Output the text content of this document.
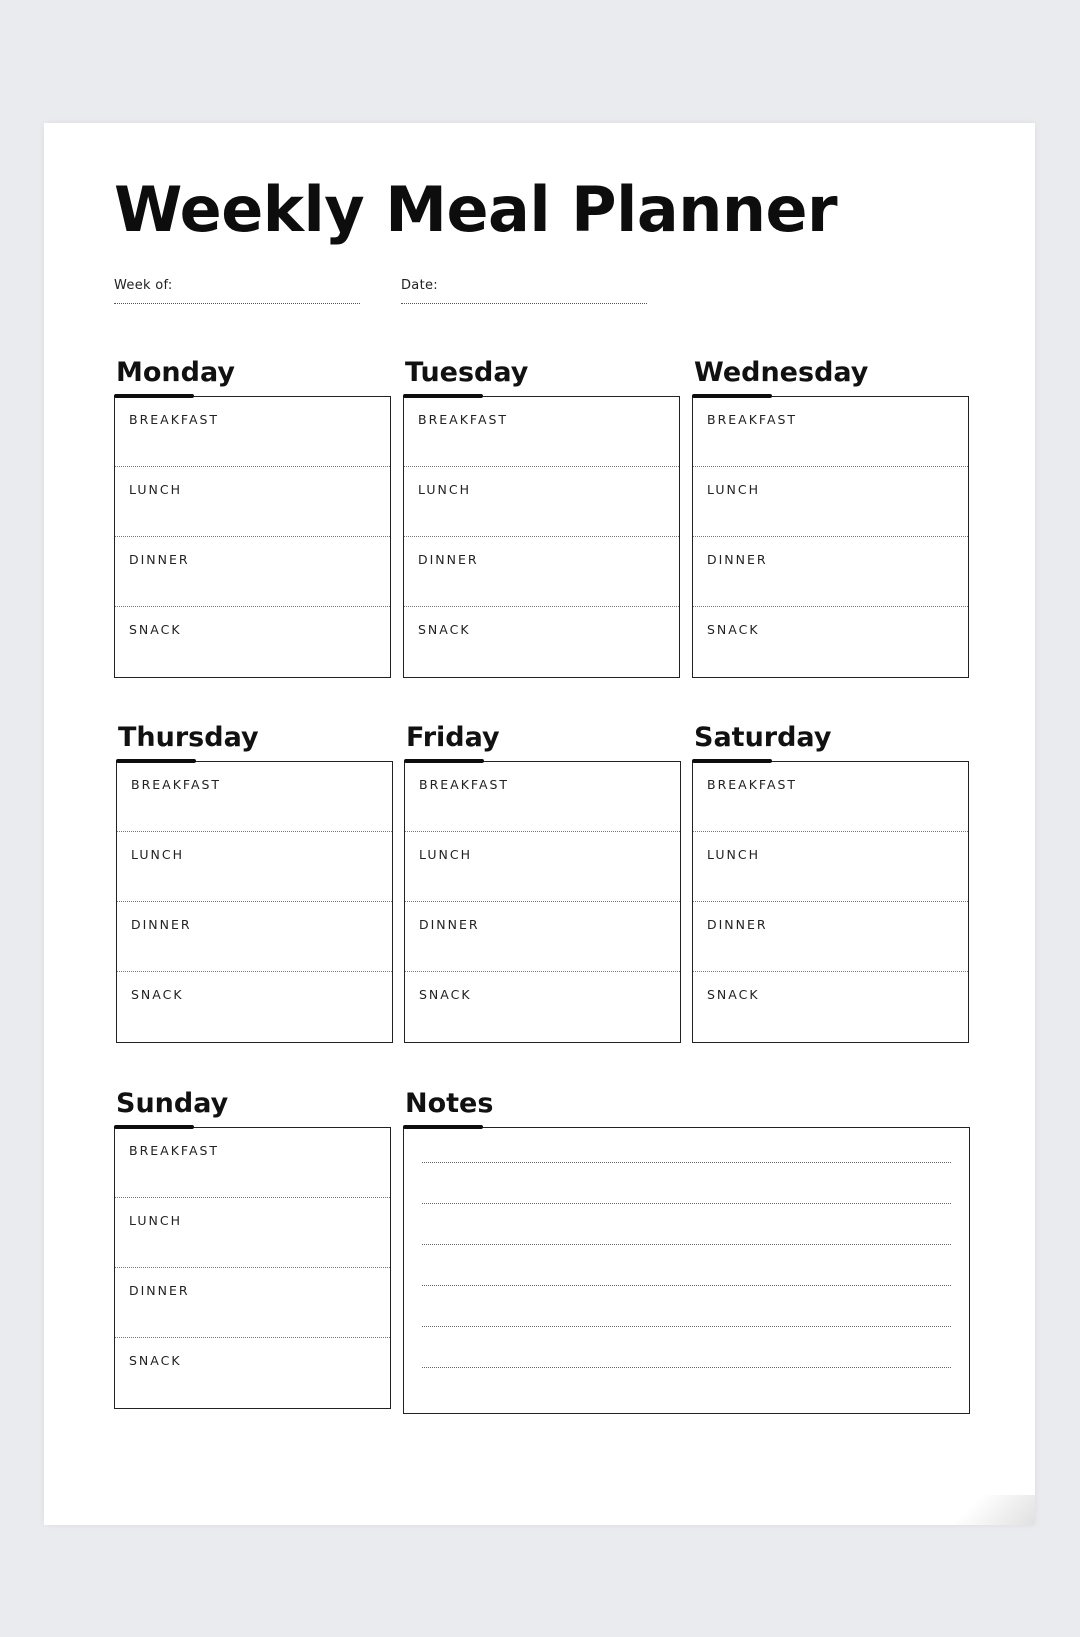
Weekly Meal Planner
Week of:	Date:
Monday
BREAKFAST
LUNCH
DINNER
SNACK
Tuesday
BREAKFAST
LUNCH
DINNER
SNACK
Wednesday
BREAKFAST
LUNCH
DINNER
SNACK
Thursday
BREAKFAST
LUNCH
DINNER
SNACK
Friday
BREAKFAST
LUNCH
DINNER
SNACK
Saturday
BREAKFAST
LUNCH
DINNER
SNACK
Sunday
BREAKFAST
LUNCH
DINNER
SNACK
Notes
